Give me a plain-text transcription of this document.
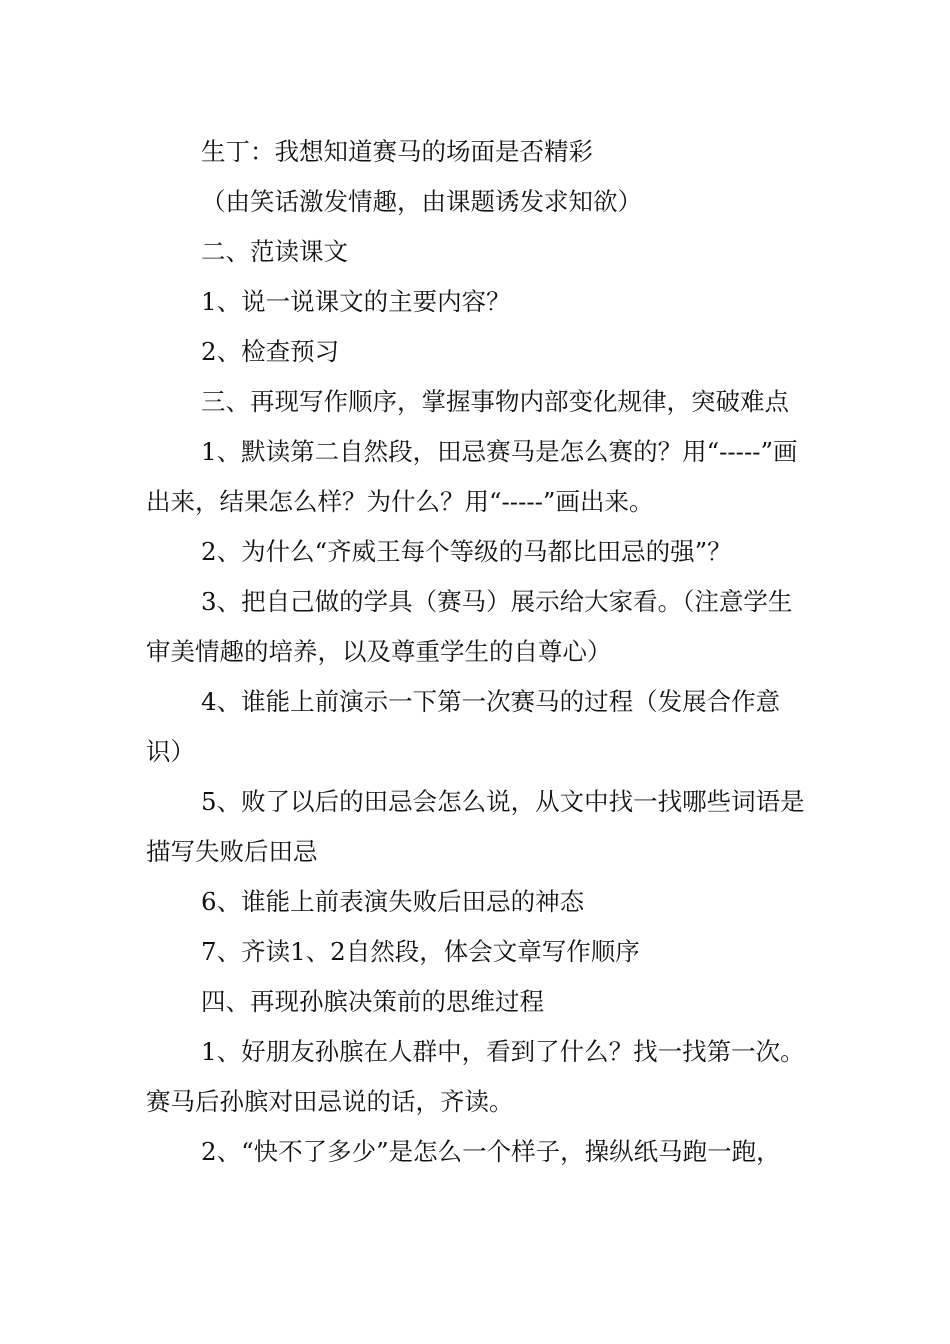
生丁：我想知道赛马的场面是否精彩

（由笑话激发情趣，由课题诱发求知欲）

二、范读课文

1、说一说课文的主要内容？

2、检查预习

三、再现写作顺序，掌握事物内部变化规律，突破难点

1、默读第二自然段，田忌赛马是怎么赛的？用“-----”画出来，结果怎么样？为什么？用“-----”画出来。

2、为什么“齐威王每个等级的马都比田忌的强”？

3、把自己做的学具（赛马）展示给大家看。（注意学生审美情趣的培养，以及尊重学生的自尊心）

4、谁能上前演示一下第一次赛马的过程（发展合作意识）

5、败了以后的田忌会怎么说，从文中找一找哪些词语是描写失败后田忌

6、谁能上前表演失败后田忌的神态

7、齐读1、2自然段，体会文章写作顺序

四、再现孙膑决策前的思维过程

1、好朋友孙膑在人群中，看到了什么？找一找第一次。赛马后孙膑对田忌说的话，齐读。

2、“快不了多少”是怎么一个样子，操纵纸马跑一跑，
